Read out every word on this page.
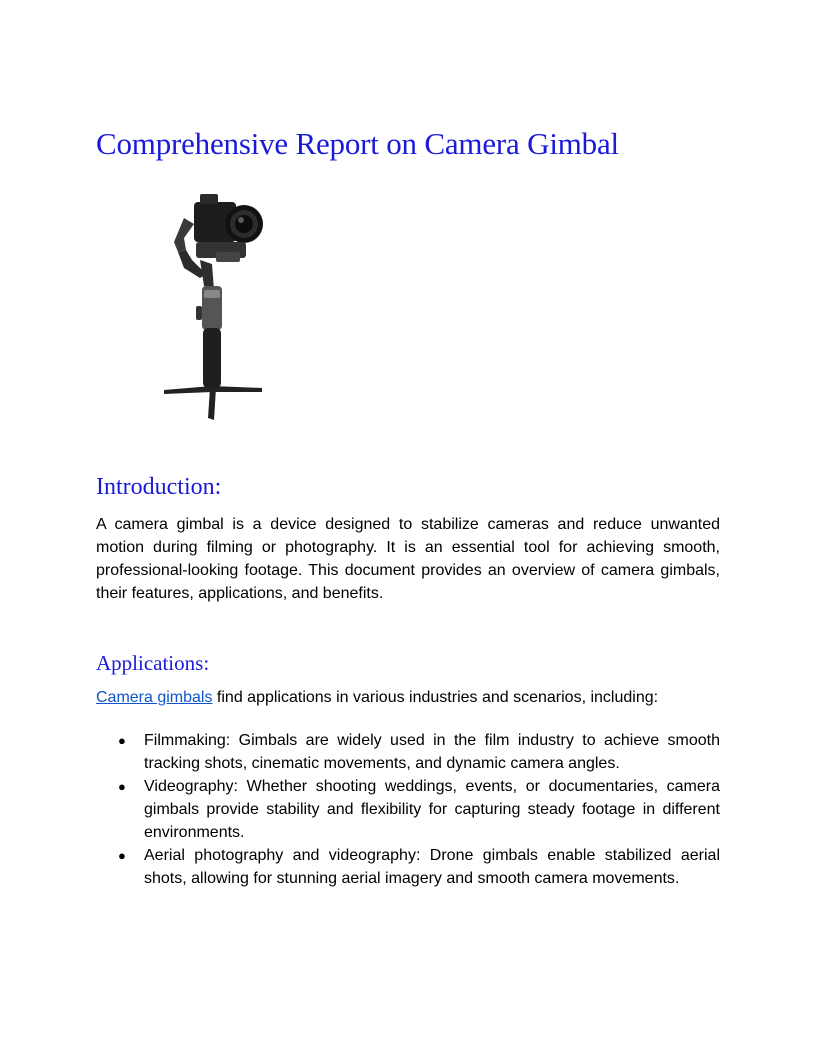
Comprehensive Report on Camera Gimbal
Introduction:

A camera gimbal is a device designed to stabilize cameras and reduce unwanted motion during filming or photography. It is an essential tool for achieving smooth, professional-looking footage. This document provides an overview of camera gimbals, their features, applications, and benefits.

Applications:

Camera gimbals find applications in various industries and scenarios, including:

● Filmmaking: Gimbals are widely used in the film industry to achieve smooth tracking shots, cinematic movements, and dynamic camera angles.
● Videography: Whether shooting weddings, events, or documentaries, camera gimbals provide stability and flexibility for capturing steady footage in different environments.
● Aerial photography and videography: Drone gimbals enable stabilized aerial shots, allowing for stunning aerial imagery and smooth camera movements.
